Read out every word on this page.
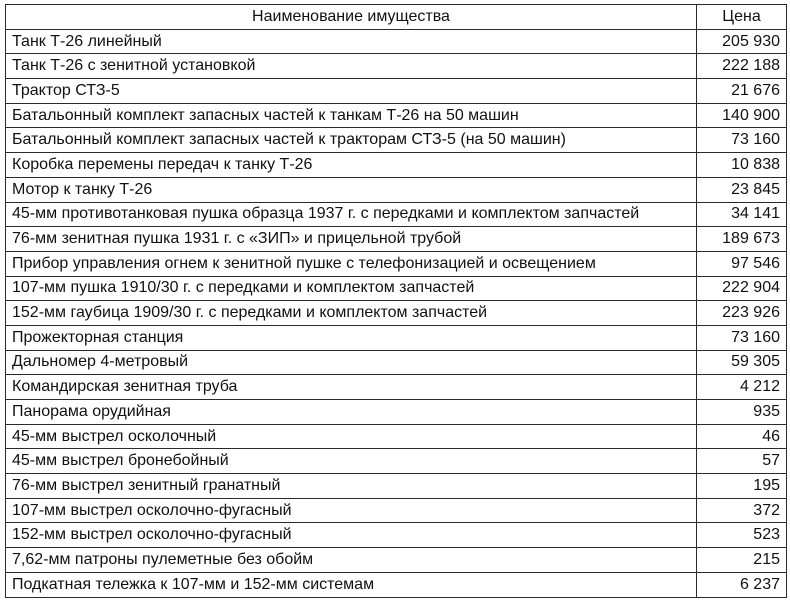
Наименование имущества	Цена
Танк Т-26 линейный	205 930
Танк Т-26 с зенитной установкой	222 188
Трактор СТЗ-5	21 676
Батальонный комплект запасных частей к танкам Т-26 на 50 машин	140 900
Батальонный комплект запасных частей к тракторам СТЗ-5 (на 50 машин)	73 160
Коробка перемены передач к танку Т-26	10 838
Мотор к танку Т-26	23 845
45-мм противотанковая пушка образца 1937 г. с передками и комплектом запчастей	34 141
76-мм зенитная пушка 1931 г. с «ЗИП» и прицельной трубой	189 673
Прибор управления огнем к зенитной пушке с телефонизацией и освещением	97 546
107-мм пушка 1910/30 г. с передками и комплектом запчастей	222 904
152-мм гаубица 1909/30 г. с передками и комплектом запчастей	223 926
Прожекторная станция	73 160
Дальномер 4-метровый	59 305
Командирская зенитная труба	4 212
Панорама орудийная	935
45-мм выстрел осколочный	46
45-мм выстрел бронебойный	57
76-мм выстрел зенитный гранатный	195
107-мм выстрел осколочно-фугасный	372
152-мм выстрел осколочно-фугасный	523
7,62-мм патроны пулеметные без обойм	215
Подкатная тележка к 107-мм и 152-мм системам	6 237
